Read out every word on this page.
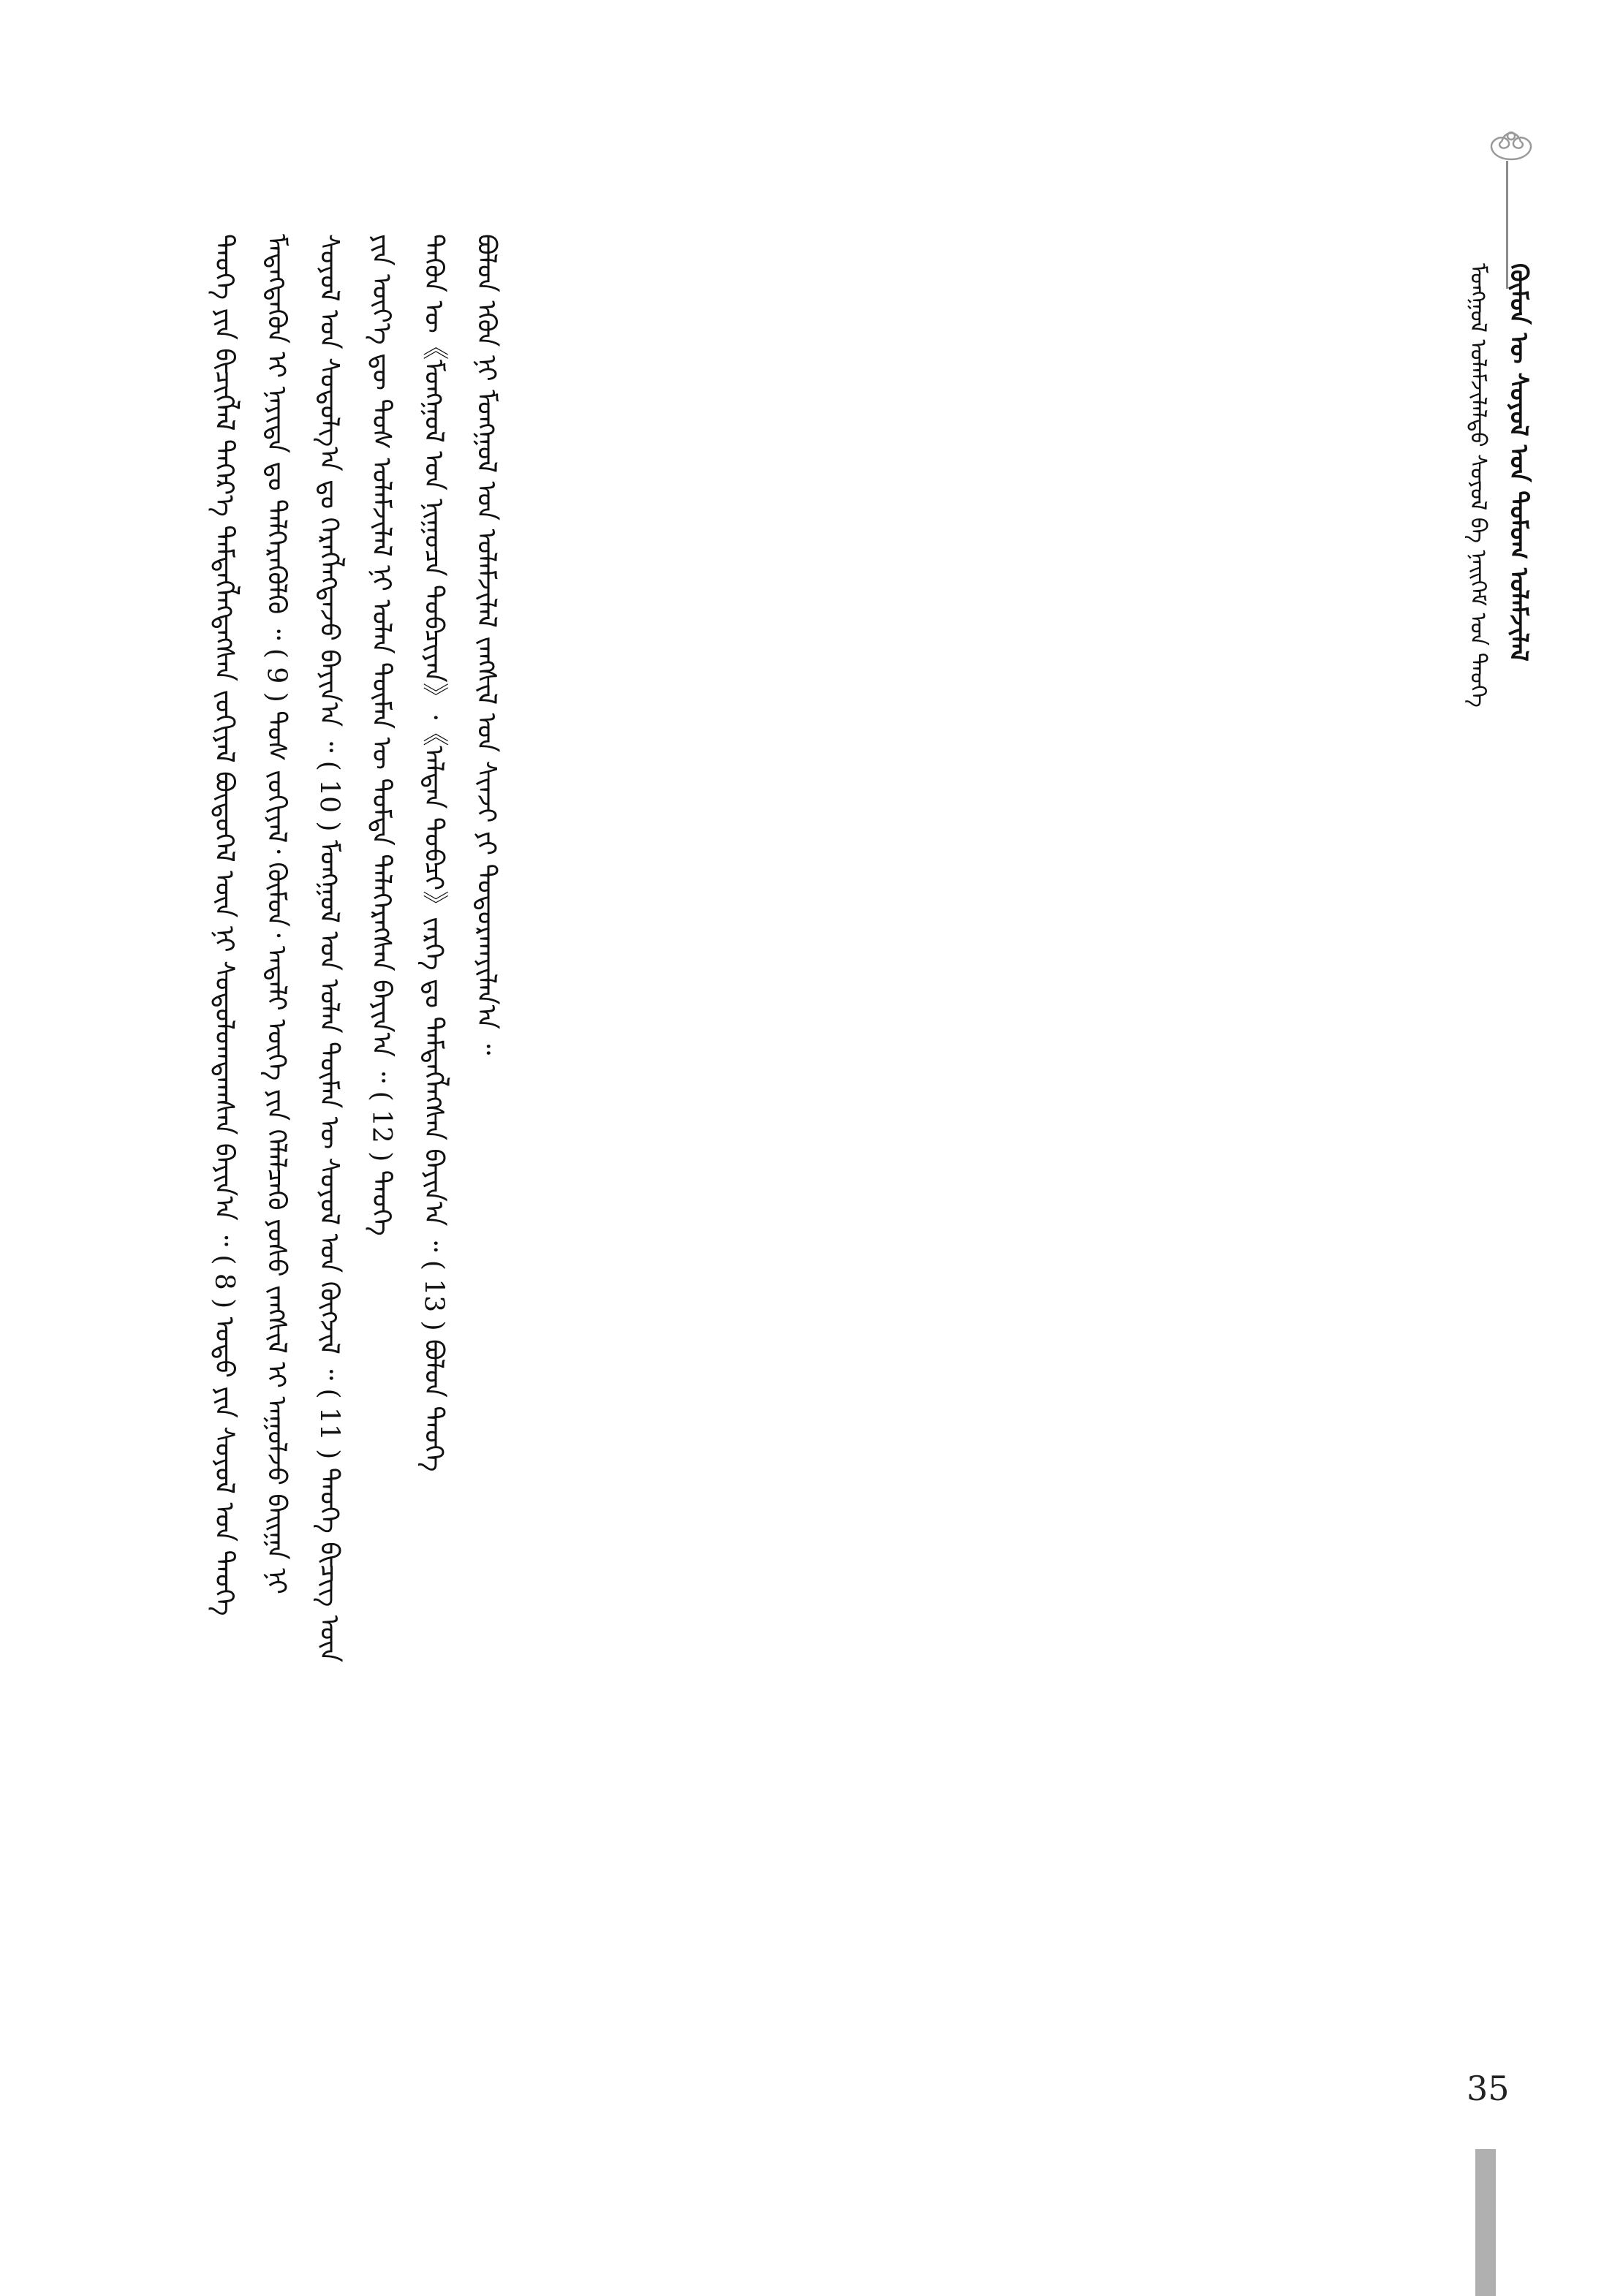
ᠬᠦᠮᠦᠨ ᠦ ᠰᠤᠶᠤᠯ ᠤᠨ ᠳᠤᠮᠤᠭ ᠤᠯᠠᠮᠵᠢᠯᠠᠯ
ᠮᠣᠩᠭᠣᠯ ᠤᠯᠠᠮᠵᠢᠯᠠᠯᠲᠤ ᠰᠤᠶᠤᠯ ᠪᠠ ᠨᠡᠢᠭᠡᠮ ᠤᠨ ᠲᠡᠦᠬᠡ
ᠲᠡᠦᠬᠡ ᠶᠢᠨ ᠪᠢᠴᠢᠭᠯᠡᠯ ᠳᠡᠭᠡᠷ᠎ᠡ ᠲᠡᠮᠳᠡᠭᠯᠡᠭᠳᠡᠭᠰᠡᠨ ᠵᠣᠬᠢᠶᠠᠯ ᠪᠦᠲᠦᠭᠡᠯ ᠦᠨ ᠨᠢ ᠰᠤᠳᠤᠯᠤᠭᠳᠠᠭᠰᠠᠨ ᠪᠠᠶᠢᠨ᠎ᠠ ᠃ ( 8 ) ᠣᠳᠣ ᠶᠢᠨ ᠰᠣᠶᠣᠯ ᠤᠨ ᠲᠡᠦᠬᠡ ᠮᠡᠳᠡᠭᠳᠡᠬᠦᠨ ᠢ ᠨᠡᠶᠢᠲᠡ ᠳᠤ ᠳᠡᠯᠭᠡᠷᠡᠭᠦᠯᠬᠦ ᠃ ( 9 ) ᠲᠤᠰ ᠵᠣᠬᠢᠶᠠᠯ᠂ ᠬᠦᠮᠦᠨ᠂ ᠠᠳᠠᠯᠢ ᠦᠭᠡ ᠶᠢᠨ ᠬᠡᠯᠡᠯᠴᠡᠬᠦ ᠶᠣᠰᠣ ᠵᠠᠩᠰᠢᠯ ᠢ ᠠᠭᠤᠯᠵᠤ ᠪᠠᠢᠭᠠ ᠨᠢ ᠰᠤᠶᠤᠯ ᠤᠨ ᠰᠤᠳᠤᠯᠭ᠎ᠠ ᠳᠤ ᠬᠡᠷᠡᠭᠯᠡᠭᠳᠡᠵᠦ ᠪᠠᠶᠢᠨ᠎ᠠ ᠃ ( 10 ) ᠮᠣᠩᠭᠣᠯ ᠤᠨ ᠣᠯᠠᠨ ᠲᠦᠮᠡᠨ ᠦ ᠰᠣᠶᠣᠯ ᠤᠨ ᠬᠥᠭᠵᠢᠯ ᠃ ( 11 ) ᠲᠡᠦᠬᠡ ᠪᠢᠴᠢᠭ ᠦᠨ ᠶᠢᠨ ᠦᠶ᠎ᠡ ᠳᠦ ᠲᠤᠰ ᠤᠯᠠᠮᠵᠢᠯᠠᠯ ᠨᠢ ᠣᠯᠠᠨ ᠲᠦᠮᠡᠨ ᠦ ᠳᠤᠮᠳᠠ ᠳᠡᠯᠡᠭᠡᠷᠡᠭᠰᠡᠨ ᠪᠠᠶᠢᠨ᠎ᠠ ᠃ ( 12 ) ᠲᠡᠦᠬᠡ ᠲᠡᠭᠦᠨ ᠦ《ᠮᠣᠩᠭᠣᠯ ᠤᠨ ᠨᠢᠭᠤᠴᠠ ᠲᠣᠪᠴᠢᠶᠠᠨ》᠂《ᠠᠯᠲᠠᠨ ᠲᠣᠪᠴᠢ》ᠵᠡᠷᠭᠡ ᠳᠤ ᠲᠡᠮᠳᠡᠭᠯᠡᠭᠰᠡᠨ ᠪᠠᠶᠢᠨ᠎ᠠ ᠃ ( 13 ) ᠪᠣᠯᠤᠨ ᠲᠡᠦᠬᠡ ᠪᠣᠯᠤᠨ ᠡᠭᠦᠨ ᠨᠢ ᠮᠣᠩᠭᠣᠯ ᠤᠨ ᠤᠯᠠᠮᠵᠢᠯᠠᠯ ᠵᠠᠩᠰᠢᠯ ᠤᠨ ᠰᠢᠨᠵᠢ ᠶᠢ ᠲᠣᠳᠤᠷᠬᠠᠶᠢᠯᠠᠨ᠎ᠠ ᠃
35
